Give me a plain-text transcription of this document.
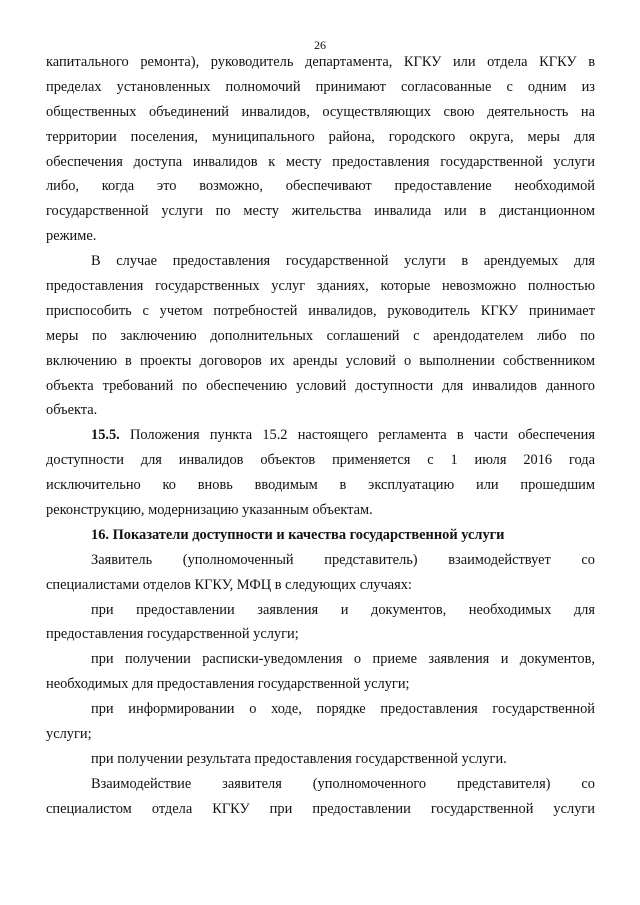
26
капитального ремонта), руководитель департамента, КГКУ или отдела КГКУ в
пределах установленных полномочий принимают согласованные с одним из
общественных объединений инвалидов, осуществляющих свою деятельность на
территории поселения, муниципального района, городского округа, меры для
обеспечения доступа инвалидов к месту предоставления государственной услуги
либо, когда это возможно, обеспечивают предоставление необходимой
государственной услуги по месту жительства инвалида или в дистанционном
режиме.
В случае предоставления государственной услуги в арендуемых для
предоставления государственных услуг зданиях, которые невозможно полностью
приспособить с учетом потребностей инвалидов, руководитель КГКУ принимает
меры по заключению дополнительных соглашений с арендодателем либо по
включению в проекты договоров их аренды условий о выполнении собственником
объекта требований по обеспечению условий доступности для инвалидов данного
объекта.
15.5. Положения пункта 15.2 настоящего регламента в части обеспечения
доступности для инвалидов объектов применяется с 1 июля 2016 года
исключительно ко вновь вводимым в эксплуатацию или прошедшим
реконструкцию, модернизацию указанным объектам.
16. Показатели доступности и качества государственной услуги
Заявитель (уполномоченный представитель) взаимодействует со
специалистами отделов КГКУ, МФЦ в следующих случаях:
при предоставлении заявления и документов, необходимых для
предоставления государственной услуги;
при получении расписки-уведомления о приеме заявления и документов,
необходимых для предоставления государственной услуги;
при информировании о ходе, порядке предоставления государственной
услуги;
при получении результата предоставления государственной услуги.
Взаимодействие заявителя (уполномоченного представителя) со
специалистом отдела КГКУ при предоставлении государственной услуги
